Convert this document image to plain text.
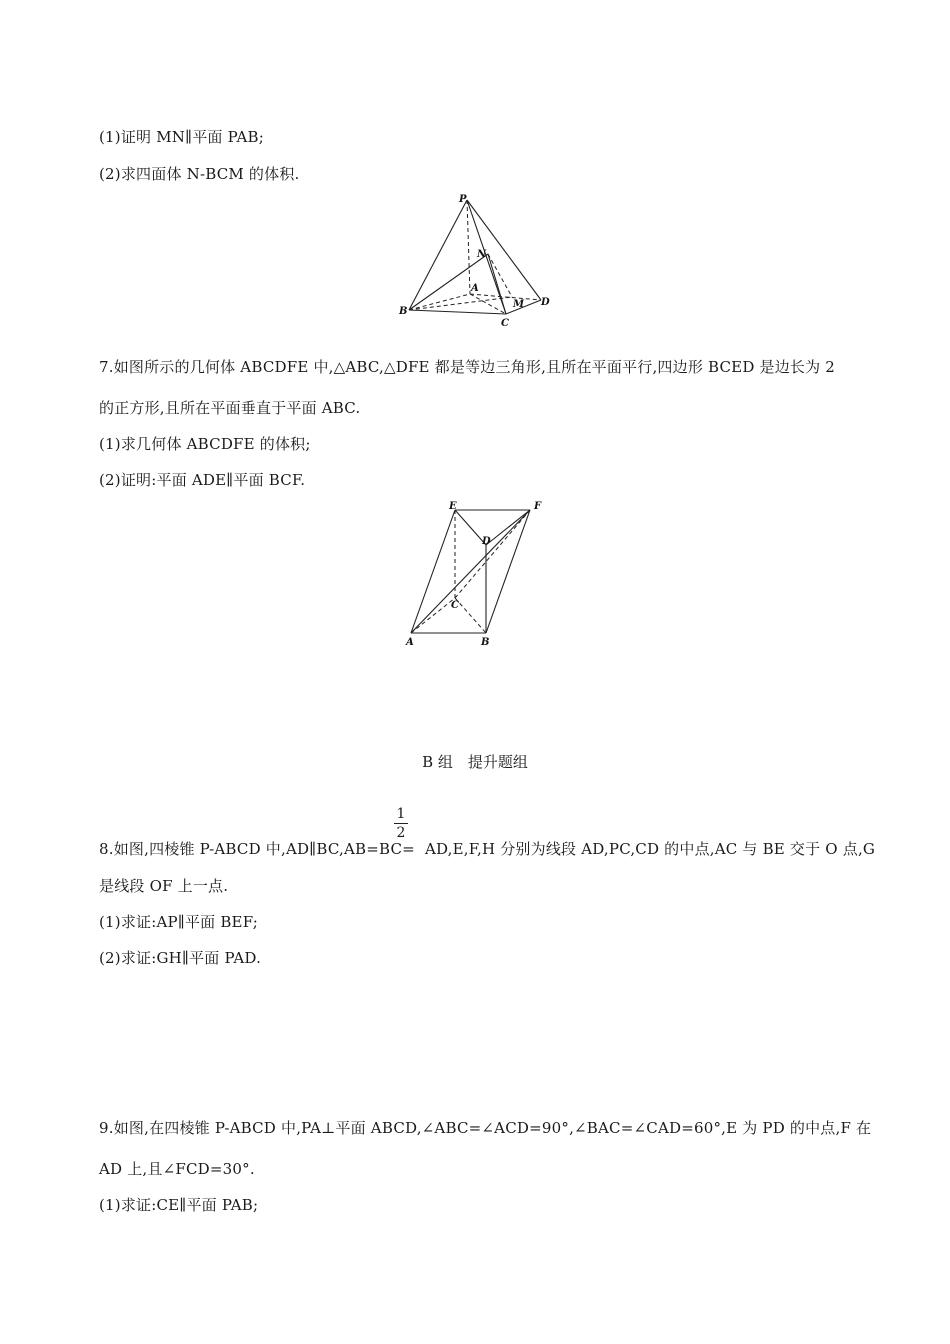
(1)证明 MN∥平面 PAB;
(2)求四面体 N-BCM 的体积.
P
N
A
M D
B
C
7.如图所示的几何体 ABCDFE 中,△ABC,△DFE 都是等边三角形,且所在平面平行,四边形 BCED 是边长为 2
的正方形,且所在平面垂直于平面 ABC.
(1)求几何体 ABCDFE 的体积;
(2)证明:平面 ADE∥平面 BCF.
E	F
D
C
A	B
B 组　提升题组
1
2
8.如图,四棱锥 P-ABCD 中,AD∥BC,AB=BC= AD,E,F,H 分别为线段 AD,PC,CD 的中点,AC 与 BE 交于 O 点,G
是线段 OF 上一点.
(1)求证:AP∥平面 BEF;
(2)求证:GH∥平面 PAD.
9.如图,在四棱锥 P-ABCD 中,PA⊥平面 ABCD,∠ABC=∠ACD=90°,∠BAC=∠CAD=60°,E 为 PD 的中点,F 在
AD 上,且∠FCD=30°.
(1)求证:CE∥平面 PAB;
